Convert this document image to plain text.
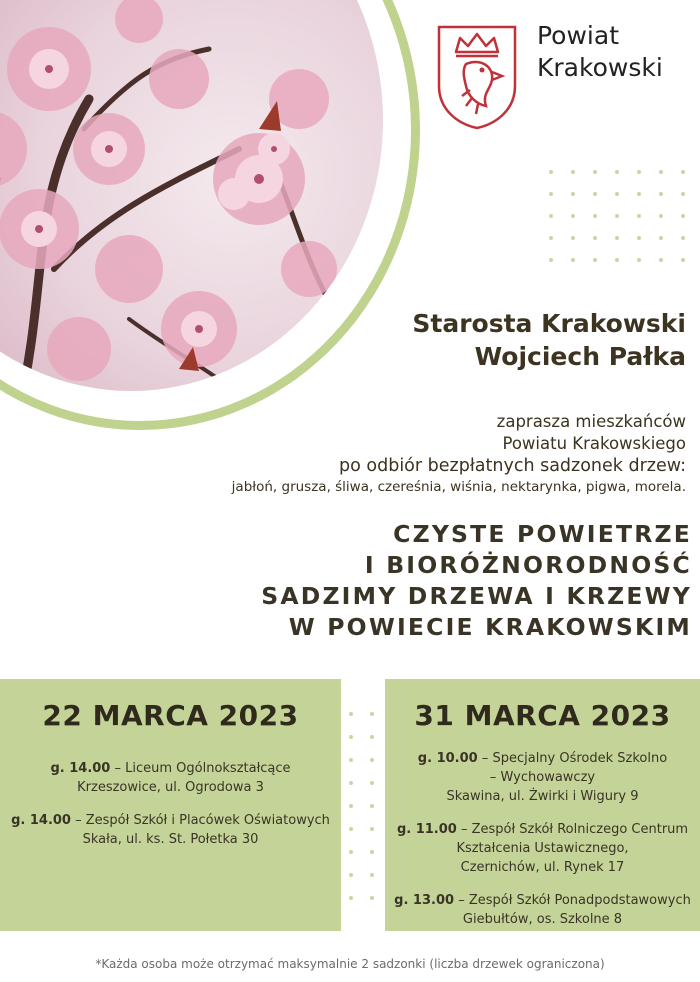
Powiat
Krakowski
Starosta Krakowski
Wojciech Pałka
zaprasza mieszkańców
Powiatu Krakowskiego
po odbiór bezpłatnych sadzonek drzew:
jabłoń, grusza, śliwa, czereśnia, wiśnia, nektarynka, pigwa, morela.
CZYSTE POWIETRZE
I BIORÓŻNORODNOŚĆ
SADZIMY DRZEWA I KRZEWY
W POWIECIE KRAKOWSKIM
22 MARCA 2023
g. 14.00 – Liceum Ogólnokształcące
Krzeszowice, ul. Ogrodowa 3
g. 14.00 – Zespół Szkół i Placówek Oświatowych
Skała, ul. ks. St. Połetka 30
31 MARCA 2023
g. 10.00 – Specjalny Ośrodek Szkolno
– Wychowawczy
Skawina, ul. Żwirki i Wigury 9
g. 11.00 – Zespół Szkół Rolniczego Centrum
Kształcenia Ustawicznego,
Czernichów, ul. Rynek 17
g. 13.00 – Zespół Szkół Ponadpodstawowych
Giebułtów, os. Szkolne 8
*Każda osoba może otrzymać maksymalnie 2 sadzonki (liczba drzewek ograniczona)
